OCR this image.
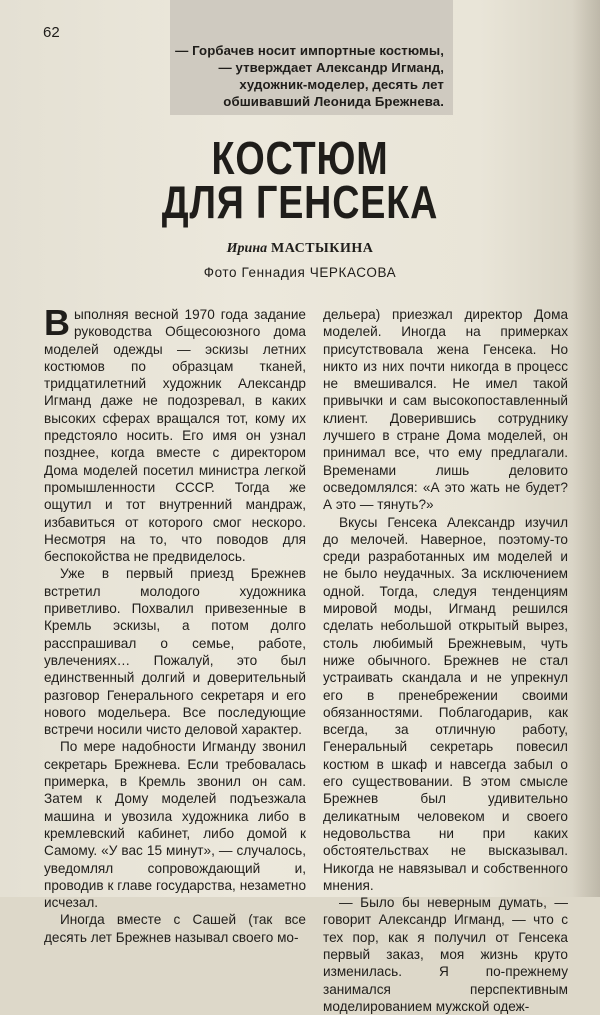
62
— Горбачев носит импортные костюмы, — утверждает Александр Игманд, художник-моделер, десять лет обшивавший Леонида Брежнева.
КОСТЮМ
ДЛЯ ГЕНСЕКА
Ирина МАСТЫКИНА
Фото Геннадия ЧЕРКАСОВА

Выполняя весной 1970 года задание руководства Общесоюзного дома моделей одежды — эскизы летних костюмов по образцам тканей, тридцатилетний художник Александр Игманд даже не подозревал, в каких высоких сферах вращался тот, кому их предстояло носить. Его имя он узнал позднее, когда вместе с директором Дома моделей посетил министра легкой промышленности СССР. Тогда же ощутил и тот внутренний мандраж, избавиться от которого смог нескоро. Несмотря на то, что поводов для беспокойства не предвиделось.

Уже в первый приезд Брежнев встретил молодого художника приветливо. Похвалил привезенные в Кремль эскизы, а потом долго расспрашивал о семье, работе, увлечениях… Пожалуй, это был единственный долгий и доверительный разговор Генерального секретаря и его нового модельера. Все последующие встречи носили чисто деловой характер.

По мере надобности Игманду звонил секретарь Брежнева. Если требовалась примерка, в Кремль звонил он сам. Затем к Дому моделей подъезжала машина и увозила художника либо в кремлевский кабинет, либо домой к Самому. «У вас 15 минут», — случалось, уведомлял сопровождающий и, проводив к главе государства, незаметно исчезал.

Иногда вместе с Сашей (так все десять лет Брежнев называл своего мо-

дельера) приезжал директор Дома моделей. Иногда на примерках присутствовала жена Генсека. Но никто из них почти никогда в процесс не вмешивался. Не имел такой привычки и сам высокопоставленный клиент. Доверившись сотруднику лучшего в стране Дома моделей, он принимал все, что ему предлагали. Временами лишь деловито осведомлялся: «А это жать не будет? А это — тянуть?»

Вкусы Генсека Александр изучил до мелочей. Наверное, поэтому-то среди разработанных им моделей и не было неудачных. За исключением одной. Тогда, следуя тенденциям мировой моды, Игманд решился сделать небольшой открытый вырез, столь любимый Брежневым, чуть ниже обычного. Брежнев не стал устраивать скандала и не упрекнул его в пренебрежении своими обязанностями. Поблагодарив, как всегда, за отличную работу, Генеральный секретарь повесил костюм в шкаф и навсегда забыл о его существовании. В этом смысле Брежнев был удивительно деликатным человеком и своего недовольства ни при каких обстоятельствах не высказывал. Никогда не навязывал и собственного мнения.

— Было бы неверным думать, — говорит Александр Игманд, — что с тех пор, как я получил от Генсека первый заказ, моя жизнь круто изменилась. Я по-прежнему занимался перспективным моделированием мужской одеж-
